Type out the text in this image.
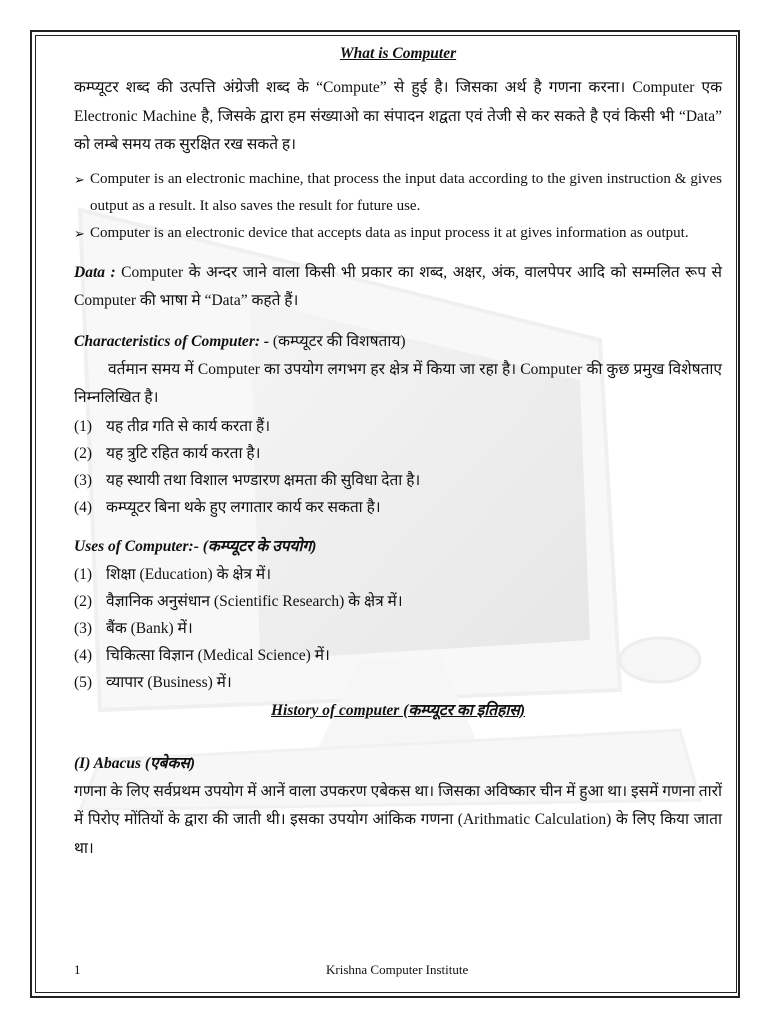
What is Computer

कम्प्यूटर शब्द की उत्पत्ति अंग्रेजी शब्द के “Compute” से हुई है। जिसका अर्थ है गणना करना। Computer एक Electronic Machine है, जिसके द्वारा हम संख्याओ का संपादन शद्वता एवं तेजी से कर सकते है एवं किसी भी “Data” को लम्बे समय तक सुरक्षित रख सकते ह।

➢ Computer is an electronic machine, that process the input data according to the given instruction & gives output as a result. It also saves the result for future use.
➢ Computer is an electronic device that accepts data as input process it at gives information as output.

Data : Computer के अन्दर जाने वाला किसी भी प्रकार का शब्द, अक्षर, अंक, वालपेपर आदि को सम्मलित रूप से Computer की भाषा मे “Data” कहते हैं।

Characteristics of Computer: - (कम्प्यूटर की विशषताय)

वर्तमान समय में Computer का उपयोग लगभग हर क्षेत्र में किया जा रहा है। Computer की कुछ प्रमुख विशेषताए निम्नलिखित है।

(1) यह तीव्र गति से कार्य करता हैं।
(2) यह त्रुटि रहित कार्य करता है।
(3) यह स्थायी तथा विशाल भण्डारण क्षमता की सुविधा देता है।
(4) कम्प्यूटर बिना थके हुए लगातार कार्य कर सकता है।

Uses of Computer:- (कम्प्यूटर के उपयोग)

(1) शिक्षा (Education) के क्षेत्र में।
(2) वैज्ञानिक अनुसंधान (Scientific Research) के क्षेत्र में।
(3) बैंक (Bank) में।
(4) चिकित्सा विज्ञान (Medical Science) में।
(5) व्यापार (Business) में।
History of computer (कम्प्यूटर का इतिहास)

(I) Abacus (एबेकस)

गणना के लिए सर्वप्रथम उपयोग में आनें वाला उपकरण एबेकस था। जिसका अविष्कार चीन में हुआ था। इसमें गणना तारों में पिरोए मोंतियों के द्वारा की जाती थी। इसका उपयोग आंकिक गणना (Arithmatic Calculation) के लिए किया जाता था।

1	Krishna Computer Institute
